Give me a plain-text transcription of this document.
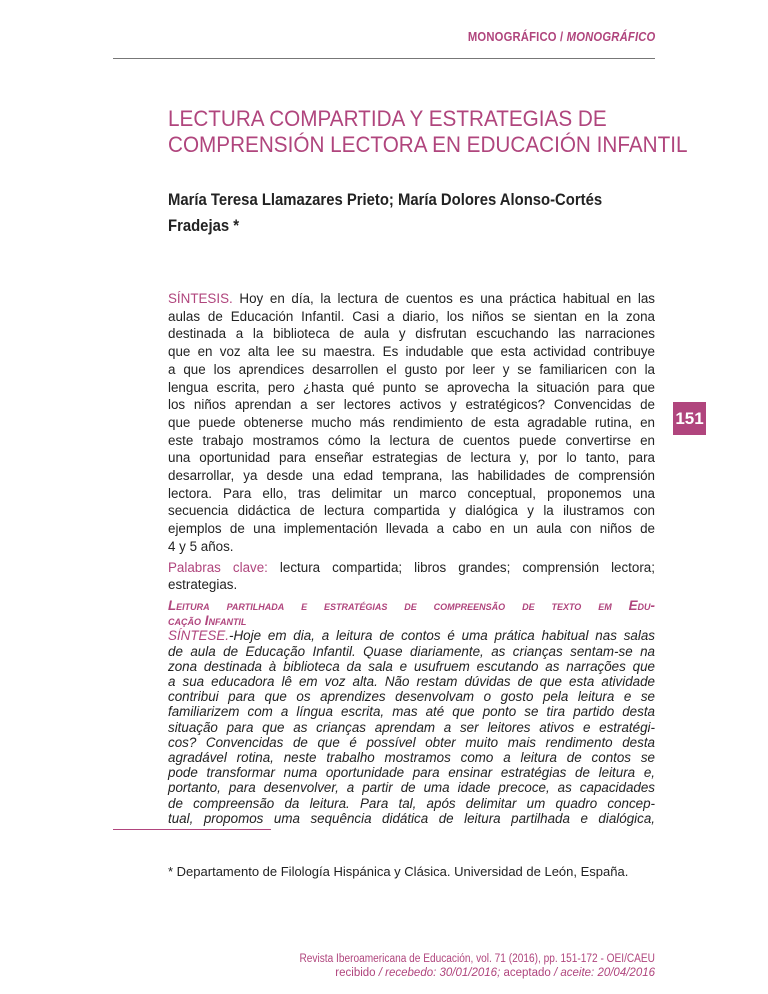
MONOGRÁFICO / MONOGRÁFICO
LECTURA COMPARTIDA Y ESTRATEGIAS DE
COMPRENSIÓN LECTORA EN EDUCACIÓN INFANTIL
María Teresa Llamazares Prieto; María Dolores Alonso-Cortés
Fradejas *
SÍNTESIS. Hoy en día, la lectura de cuentos es una práctica habitual en las
aulas de Educación Infantil. Casi a diario, los niños se sientan en la zona
destinada a la biblioteca de aula y disfrutan escuchando las narraciones
que en voz alta lee su maestra. Es indudable que esta actividad contribuye
a que los aprendices desarrollen el gusto por leer y se familiaricen con la
lengua escrita, pero ¿hasta qué punto se aprovecha la situación para que
los niños aprendan a ser lectores activos y estratégicos? Convencidas de
que puede obtenerse mucho más rendimiento de esta agradable rutina, en
este trabajo mostramos cómo la lectura de cuentos puede convertirse en
una oportunidad para enseñar estrategias de lectura y, por lo tanto, para
desarrollar, ya desde una edad temprana, las habilidades de comprensión
lectora. Para ello, tras delimitar un marco conceptual, proponemos una
secuencia didáctica de lectura compartida y dialógica y la ilustramos con
ejemplos de una implementación llevada a cabo en un aula con niños de
4 y 5 años.
Palabras clave: lectura compartida; libros grandes; comprensión lectora;
estrategias.
Leitura partilhada e estratégias de compreensão de texto em Edu-
cação Infantil
SÍNTESE.-Hoje em dia, a leitura de contos é uma prática habitual nas salas
de aula de Educação Infantil. Quase diariamente, as crianças sentam-se na
zona destinada à biblioteca da sala e usufruem escutando as narrações que
a sua educadora lê em voz alta. Não restam dúvidas de que esta atividade
contribui para que os aprendizes desenvolvam o gosto pela leitura e se
familiarizem com a língua escrita, mas até que ponto se tira partido desta
situação para que as crianças aprendam a ser leitores ativos e estratégi-
cos? Convencidas de que é possível obter muito mais rendimento desta
agradável rotina, neste trabalho mostramos como a leitura de contos se
pode transformar numa oportunidade para ensinar estratégias de leitura e,
portanto, para desenvolver, a partir de uma idade precoce, as capacidades
de compreensão da leitura. Para tal, após delimitar um quadro concep-
tual, propomos uma sequência didática de leitura partilhada e dialógica,
151
* Departamento de Filología Hispánica y Clásica. Universidad de León, España.
Revista Iberoamericana de Educación, vol. 71 (2016), pp. 151-172 - OEI/CAEU
recibido / recebedo: 30/01/2016; aceptado / aceite: 20/04/2016
